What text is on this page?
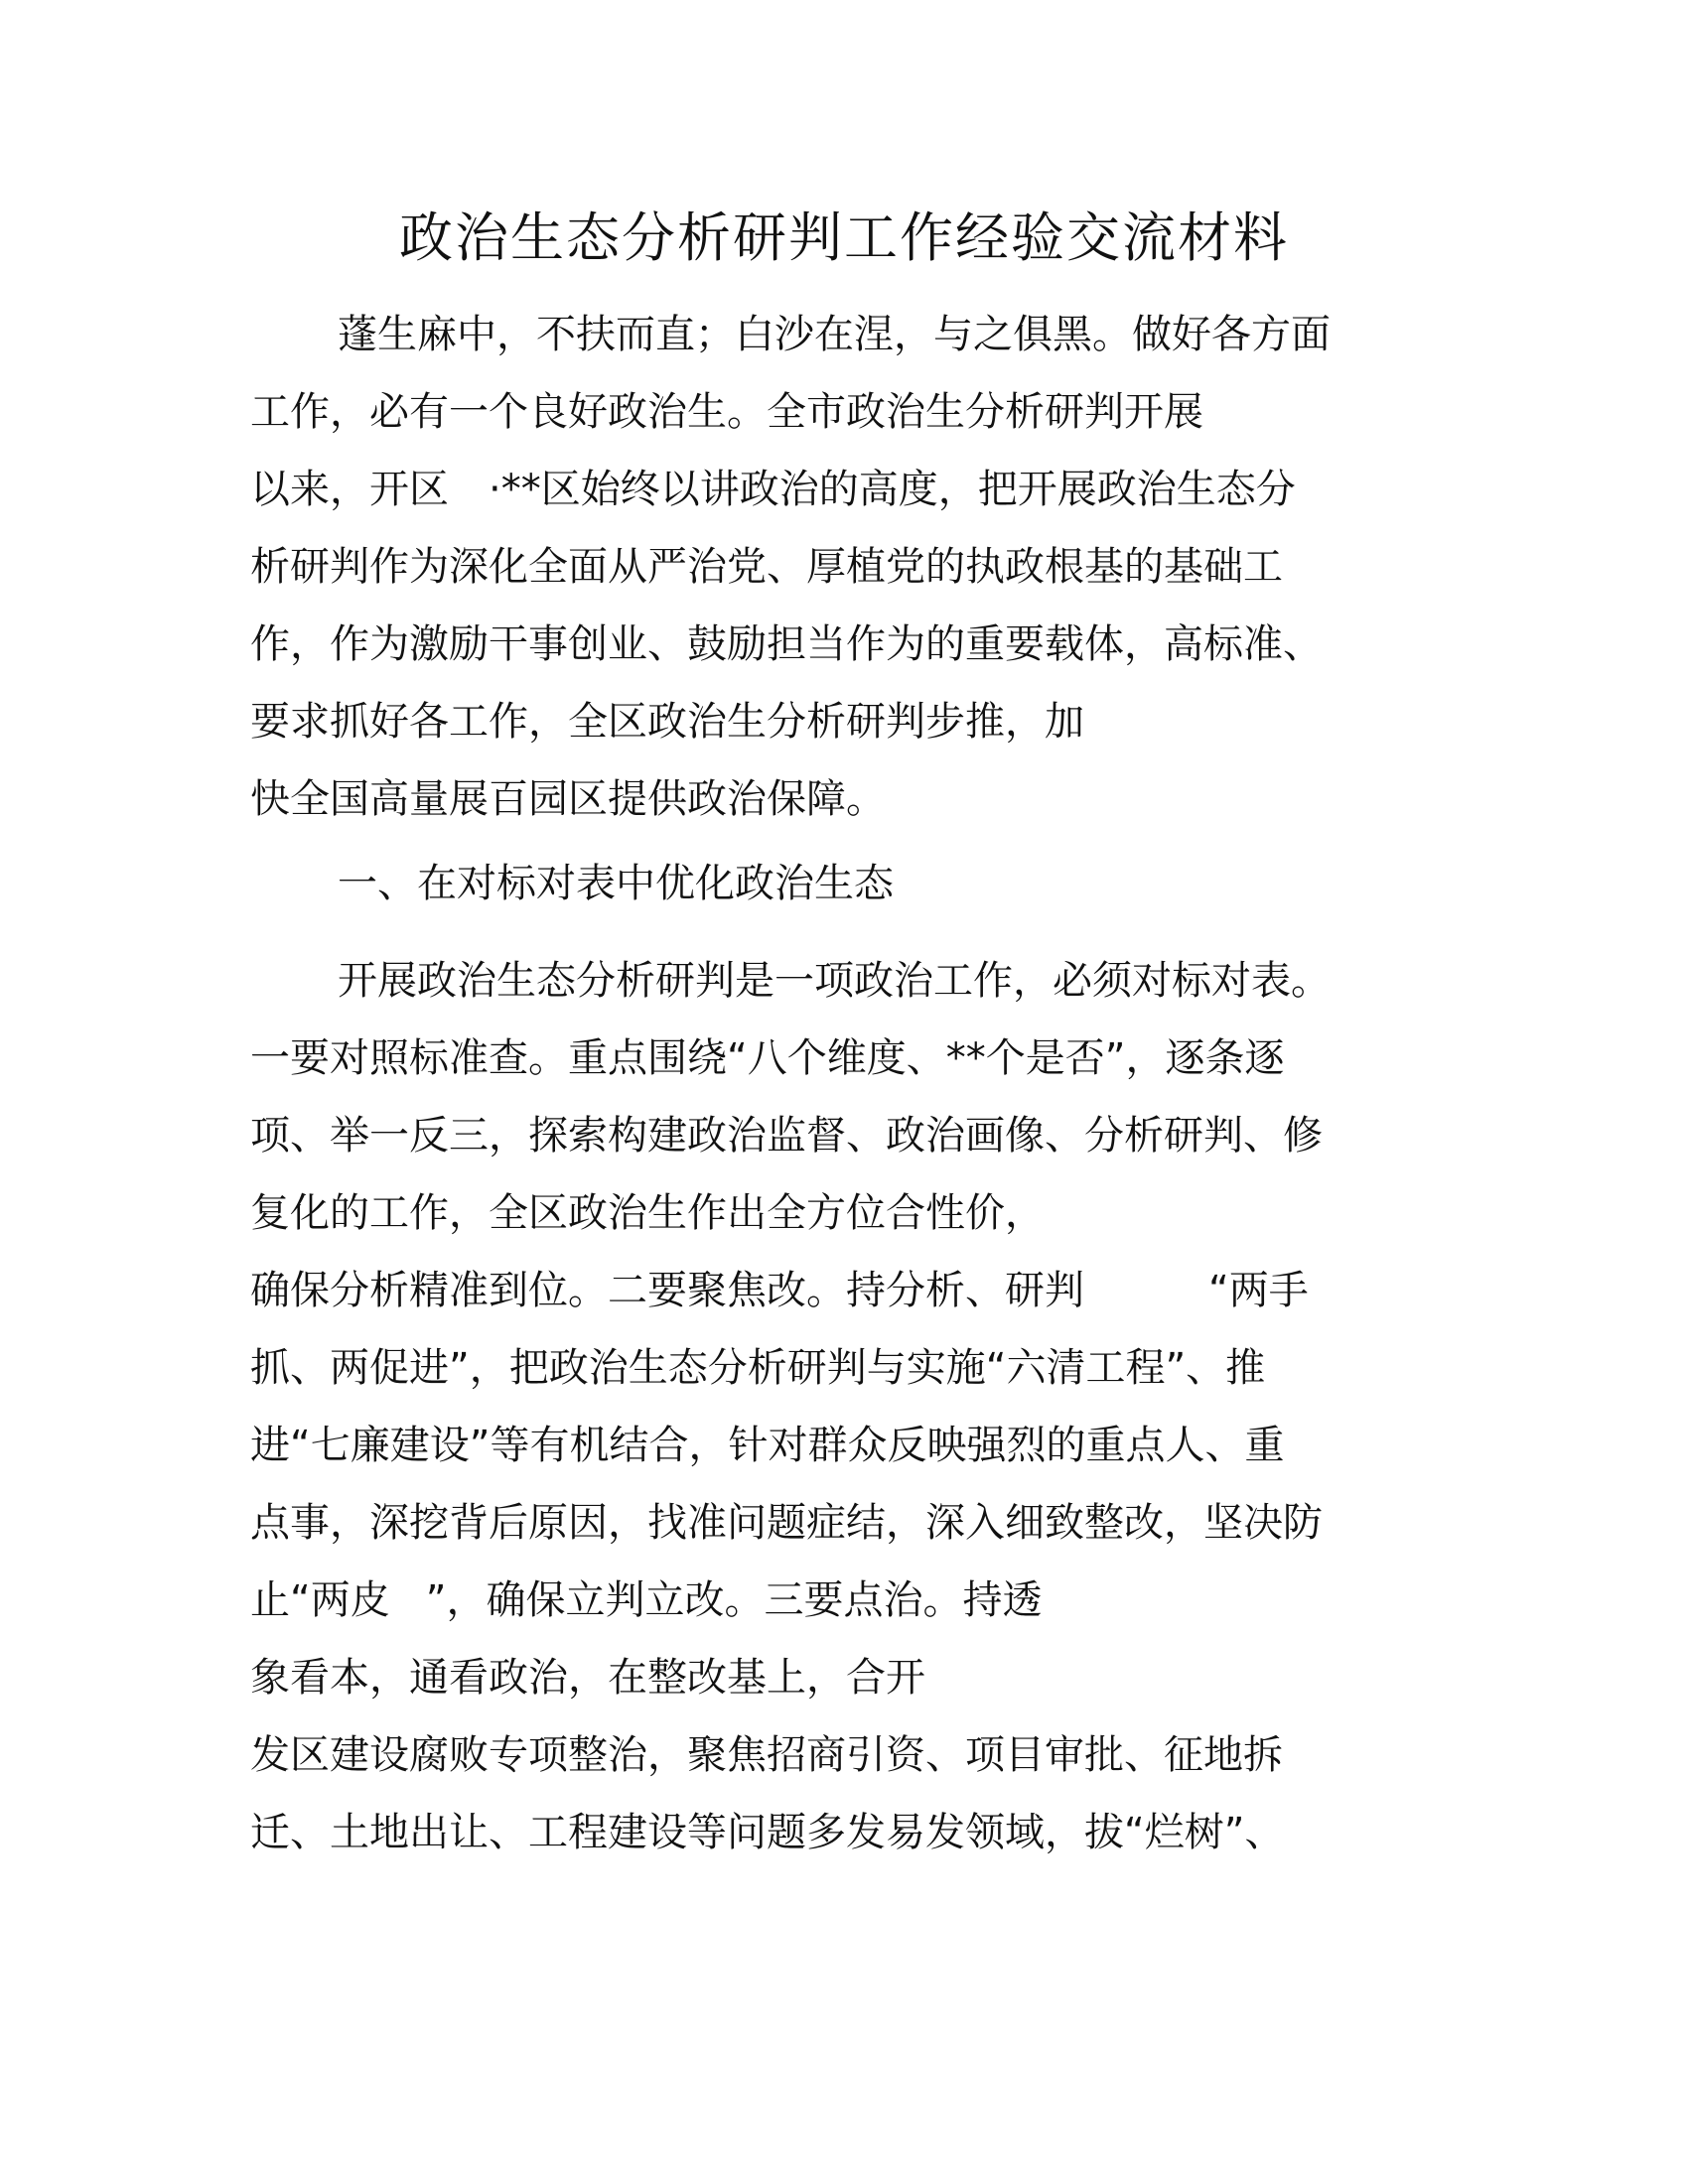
政治生态分析研判工作经验交流材料
蓬生麻中，不扶而直；白沙在涅，与之俱黑。做好各方面
工作，必有一个良好政治生。全市政治生分析研判开展
以来，开区 ·**区始终以讲政治的高度，把开展政治生态分
析研判作为深化全面从严治党、厚植党的执政根基的基础工
作，作为激励干事创业、鼓励担当作为的重要载体，高标准、
要求抓好各工作，全区政治生分析研判步推，加
快全国高量展百园区提供政治保障。
一、在对标对表中优化政治生态
开展政治生态分析研判是一项政治工作，必须对标对表。
一要对照标准查。重点围绕“八个维度、**个是否”，逐条逐
项、举一反三，探索构建政治监督、政治画像、分析研判、修
复化的工作，全区政治生作出全方位合性价，
确保分析精准到位。二要聚焦改。持分析、研判	“两手
抓、两促进”，把政治生态分析研判与实施“六清工程”、推
进“七廉建设”等有机结合，针对群众反映强烈的重点人、重
点事，深挖背后原因，找准问题症结，深入细致整改，坚决防
止“两皮 ”，确保立判立改。三要点治。持透
象看本，通看政治，在整改基上，合开
发区建设腐败专项整治，聚焦招商引资、项目审批、征地拆
迁、土地出让、工程建设等问题多发易发领域，拔“烂树”、
